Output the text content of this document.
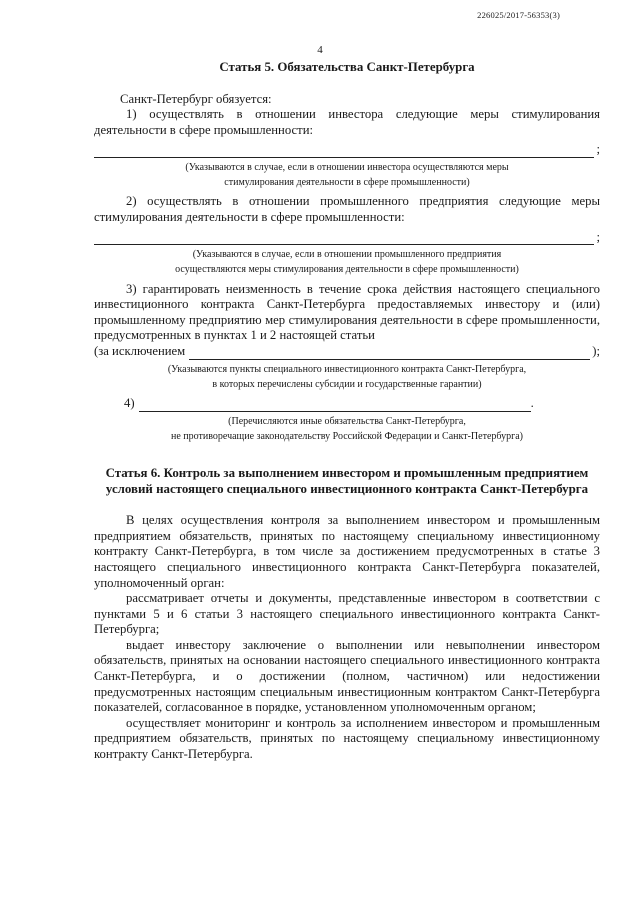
226025/2017-56353(3)
4
Статья 5. Обязательства Санкт-Петербурга

Санкт-Петербург обязуется:

1) осуществлять в отношении инвестора следующие меры стимулирования деятельности в сфере промышленности:

;
(Указываются в случае, если в отношении инвестора осуществляются меры
стимулирования деятельности в сфере промышленности)

2) осуществлять в отношении промышленного предприятия следующие меры стимулирования деятельности в сфере промышленности:

;
(Указываются в случае, если в отношении промышленного предприятия
осуществляются меры стимулирования деятельности в сфере промышленности)

3) гарантировать неизменность в течение срока действия настоящего специального инвестиционного контракта Санкт-Петербурга предоставляемых инвестору и (или) промышленному предприятию мер стимулирования деятельности в сфере промышленности, предусмотренных в пунктах 1 и 2 настоящей статьи

(за исключением	);
(Указываются пункты специального инвестиционного контракта Санкт-Петербурга,
в которых перечислены субсидии и государственные гарантии)
4)	.
(Перечисляются иные обязательства Санкт-Петербурга,
не противоречащие законодательству Российской Федерации и Санкт-Петербурга)
Статья 6. Контроль за выполнением инвестором и промышленным предприятием условий настоящего специального инвестиционного контракта Санкт-Петербурга

В целях осуществления контроля за выполнением инвестором и промышленным предприятием обязательств, принятых по настоящему специальному инвестиционному контракту Санкт-Петербурга, в том числе за достижением предусмотренных в статье 3 настоящего специального инвестиционного контракта Санкт-Петербурга показателей, уполномоченный орган:

рассматривает отчеты и документы, представленные инвестором в соответствии с пунктами 5 и 6 статьи 3 настоящего специального инвестиционного контракта Санкт-Петербурга;

выдает инвестору заключение о выполнении или невыполнении инвестором обязательств, принятых на основании настоящего специального инвестиционного контракта Санкт-Петербурга, и о достижении (полном, частичном) или недостижении предусмотренных настоящим специальным инвестиционным контрактом Санкт-Петербурга показателей, согласованное в порядке, установленном уполномоченным органом;

осуществляет мониторинг и контроль за исполнением инвестором и промышленным предприятием обязательств, принятых по настоящему специальному инвестиционному контракту Санкт-Петербурга.
